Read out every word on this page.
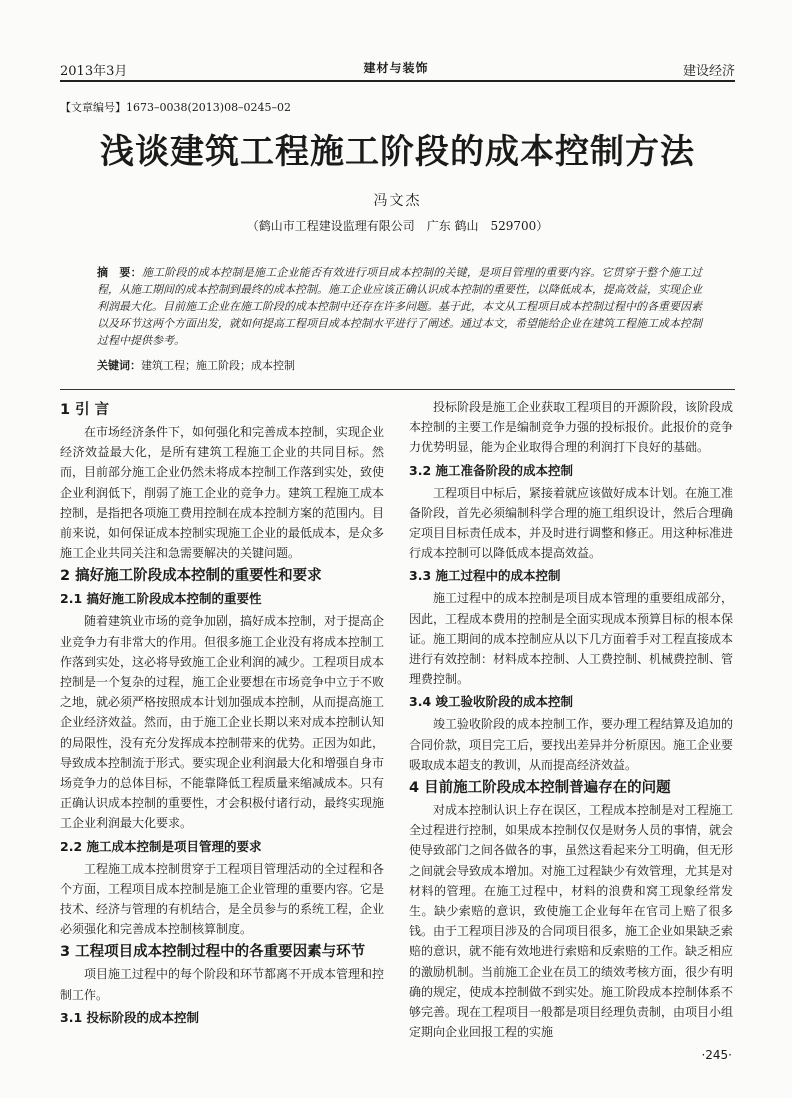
2013年3月	建材与装饰	建设经济
【文章编号】1673–0038(2013)08–0245–02
浅谈建筑工程施工阶段的成本控制方法
冯文杰
（鹤山市工程建设监理有限公司　广东 鹤山　529700）
摘　要：施工阶段的成本控制是施工企业能否有效进行项目成本控制的关键，是项目管理的重要内容。它贯穿于整个施工过程，从施工期间的成本控制到最终的成本控制。施工企业应该正确认识成本控制的重要性，以降低成本，提高效益，实现企业利润最大化。目前施工企业在施工阶段的成本控制中还存在许多问题。基于此，本文从工程项目成本控制过程中的各重要因素以及环节这两个方面出发，就如何提高工程项目成本控制水平进行了阐述。通过本文，希望能给企业在建筑工程施工成本控制过程中提供参考。
关键词：建筑工程；施工阶段；成本控制
1 引 言

在市场经济条件下，如何强化和完善成本控制，实现企业经济效益最大化，是所有建筑工程施工企业的共同目标。然而，目前部分施工企业仍然未将成本控制工作落到实处，致使企业利润低下，削弱了施工企业的竞争力。建筑工程施工成本控制，是指把各项施工费用控制在成本控制方案的范围内。目前来说，如何保证成本控制实现施工企业的最低成本，是众多施工企业共同关注和急需要解决的关键问题。

2 搞好施工阶段成本控制的重要性和要求
2.1 搞好施工阶段成本控制的重要性

随着建筑业市场的竞争加剧，搞好成本控制，对于提高企业竞争力有非常大的作用。但很多施工企业没有将成本控制工作落到实处，这必将导致施工企业利润的减少。工程项目成本控制是一个复杂的过程，施工企业要想在市场竞争中立于不败之地，就必须严格按照成本计划加强成本控制，从而提高施工企业经济效益。然而，由于施工企业长期以来对成本控制认知的局限性，没有充分发挥成本控制带来的优势。正因为如此，导致成本控制流于形式。要实现企业利润最大化和增强自身市场竞争力的总体目标，不能靠降低工程质量来缩减成本。只有正确认识成本控制的重要性，才会积极付诸行动，最终实现施工企业利润最大化要求。

2.2 施工成本控制是项目管理的要求

工程施工成本控制贯穿于工程项目管理活动的全过程和各个方面，工程项目成本控制是施工企业管理的重要内容。它是技术、经济与管理的有机结合，是全员参与的系统工程，企业必须强化和完善成本控制核算制度。

3 工程项目成本控制过程中的各重要因素与环节

项目施工过程中的每个阶段和环节都离不开成本管理和控制工作。

3.1 投标阶段的成本控制

投标阶段是施工企业获取工程项目的开源阶段，该阶段成本控制的主要工作是编制竞争力强的投标报价。此报价的竞争力优势明显，能为企业取得合理的利润打下良好的基础。

3.2 施工准备阶段的成本控制

工程项目中标后，紧接着就应该做好成本计划。在施工准备阶段，首先必须编制科学合理的施工组织设计，然后合理确定项目目标责任成本，并及时进行调整和修正。用这种标准进行成本控制可以降低成本提高效益。

3.3 施工过程中的成本控制

施工过程中的成本控制是项目成本管理的重要组成部分，因此，工程成本费用的控制是全面实现成本预算目标的根本保证。施工期间的成本控制应从以下几方面着手对工程直接成本进行有效控制：材料成本控制、人工费控制、机械费控制、管理费控制。

3.4 竣工验收阶段的成本控制

竣工验收阶段的成本控制工作，要办理工程结算及追加的合同价款，项目完工后，要找出差异并分析原因。施工企业要吸取成本超支的教训，从而提高经济效益。

4 目前施工阶段成本控制普遍存在的问题

对成本控制认识上存在误区，工程成本控制是对工程施工全过程进行控制，如果成本控制仅仅是财务人员的事情，就会使导致部门之间各做各的事，虽然这看起来分工明确，但无形之间就会导致成本增加。对施工过程缺少有效管理，尤其是对材料的管理。在施工过程中，材料的浪费和窝工现象经常发生。缺少索赔的意识，致使施工企业每年在官司上赔了很多钱。由于工程项目涉及的合同项目很多，施工企业如果缺乏索赔的意识，就不能有效地进行索赔和反索赔的工作。缺乏相应的激励机制。当前施工企业在员工的绩效考核方面，很少有明确的规定，使成本控制做不到实处。施工阶段成本控制体系不够完善。现在工程项目一般都是项目经理负责制，由项目小组定期向企业回报工程的实施

·245·
